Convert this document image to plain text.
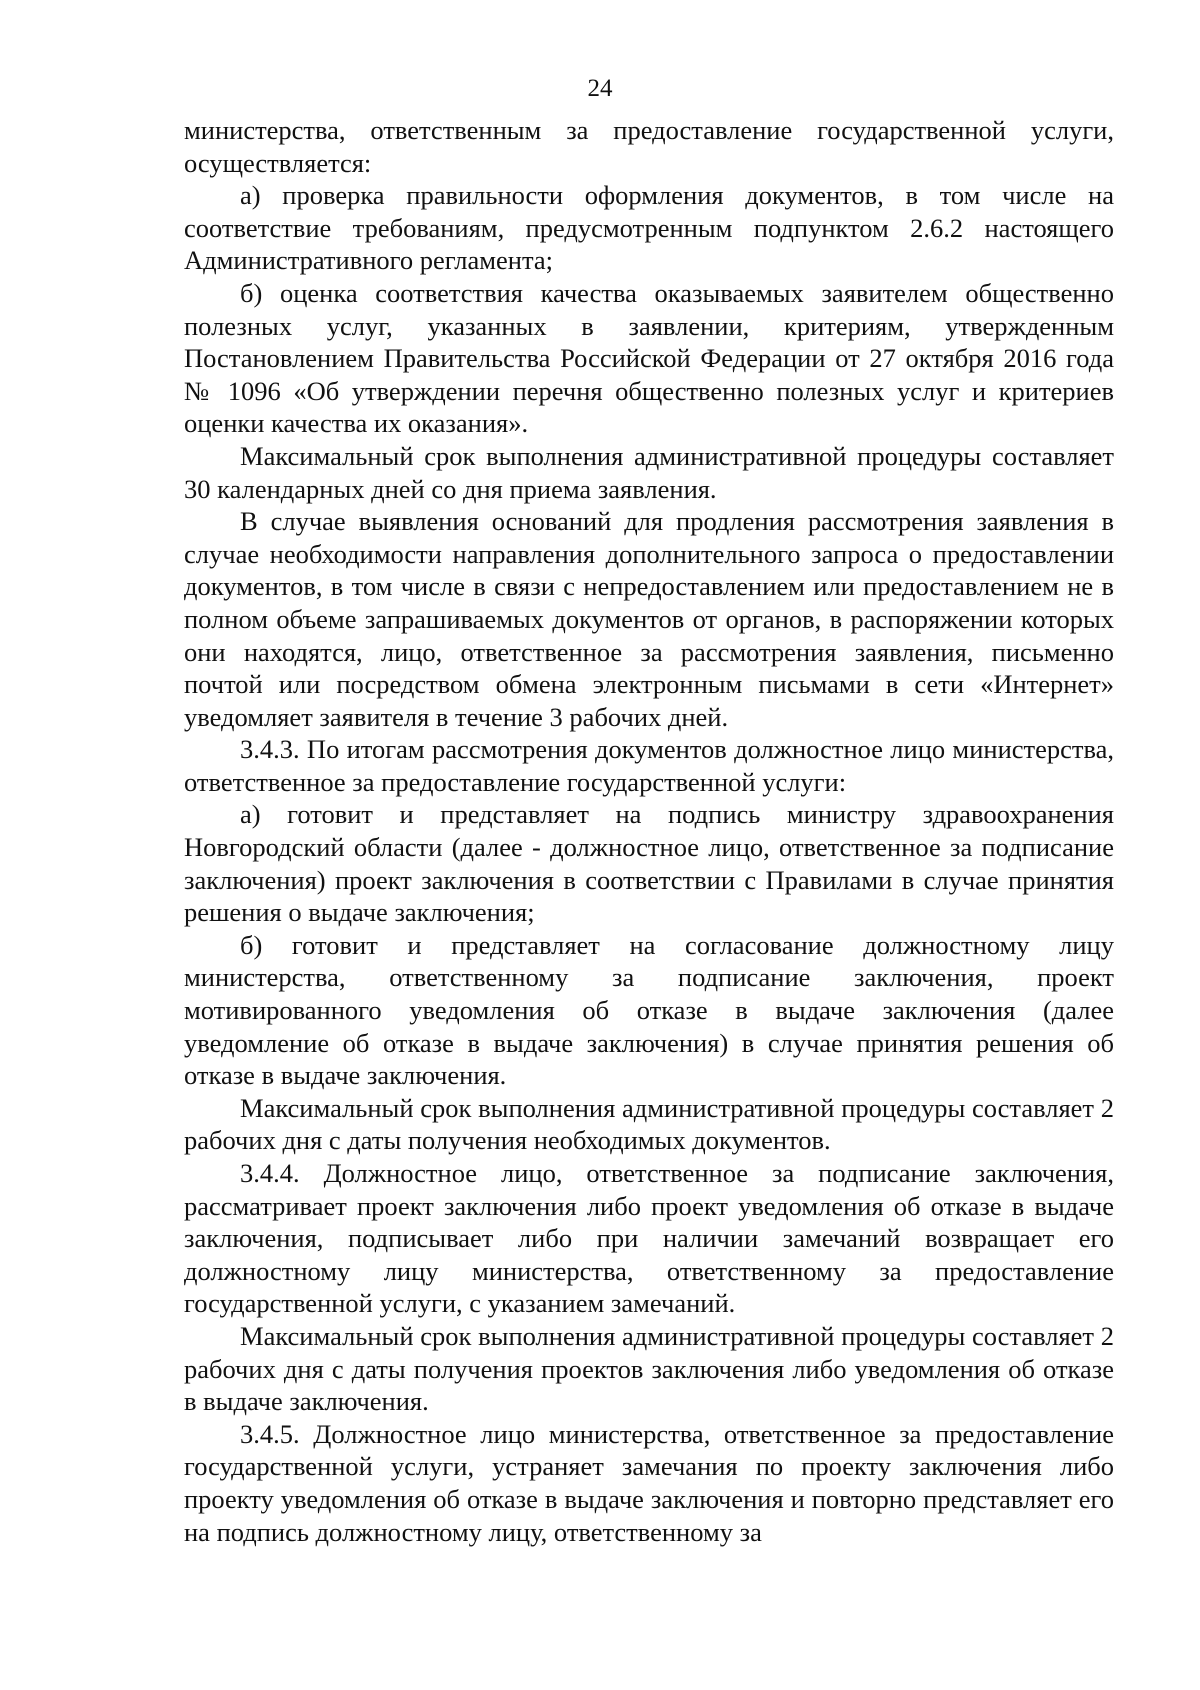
24

министерства, ответственным за предоставление государственной услуги, осуществляется:

а) проверка правильности оформления документов, в том числе на соответствие требованиям, предусмотренным подпунктом 2.6.2 настоящего Административного регламента;

б) оценка соответствия качества оказываемых заявителем общественно полезных услуг, указанных в заявлении, критериям, утвержденным Постановлением Правительства Российской Федерации от 27 октября 2016 года № 1096 «Об утверждении перечня общественно полезных услуг и критериев оценки качества их оказания».

Максимальный срок выполнения административной процедуры составляет 30 календарных дней со дня приема заявления.

В случае выявления оснований для продления рассмотрения заявления в случае необходимости направления дополнительного запроса о предоставлении документов, в том числе в связи с непредоставлением или предоставлением не в полном объеме запрашиваемых документов от органов, в распоряжении которых они находятся, лицо, ответственное за рассмотрения заявления, письменно почтой или посредством обмена электронным письмами в сети «Интернет» уведомляет заявителя в течение 3 рабочих дней.

3.4.3. По итогам рассмотрения документов должностное лицо министерства, ответственное за предоставление государственной услуги:

а) готовит и представляет на подпись министру здравоохранения Новгородский области (далее - должностное лицо, ответственное за подписание заключения) проект заключения в соответствии с Правилами в случае принятия решения о выдаче заключения;

б) готовит и представляет на согласование должностному лицу министерства, ответственному за подписание заключения, проект мотивированного уведомления об отказе в выдаче заключения (далее уведомление об отказе в выдаче заключения) в случае принятия решения об отказе в выдаче заключения.

Максимальный срок выполнения административной процедуры составляет 2 рабочих дня с даты получения необходимых документов.

3.4.4. Должностное лицо, ответственное за подписание заключения, рассматривает проект заключения либо проект уведомления об отказе в выдаче заключения, подписывает либо при наличии замечаний возвращает его должностному лицу министерства, ответственному за предоставление государственной услуги, с указанием замечаний.

Максимальный срок выполнения административной процедуры составляет 2 рабочих дня с даты получения проектов заключения либо уведомления об отказе в выдаче заключения.

3.4.5. Должностное лицо министерства, ответственное за предоставление государственной услуги, устраняет замечания по проекту заключения либо проекту уведомления об отказе в выдаче заключения и повторно представляет его на подпись должностному лицу, ответственному за
